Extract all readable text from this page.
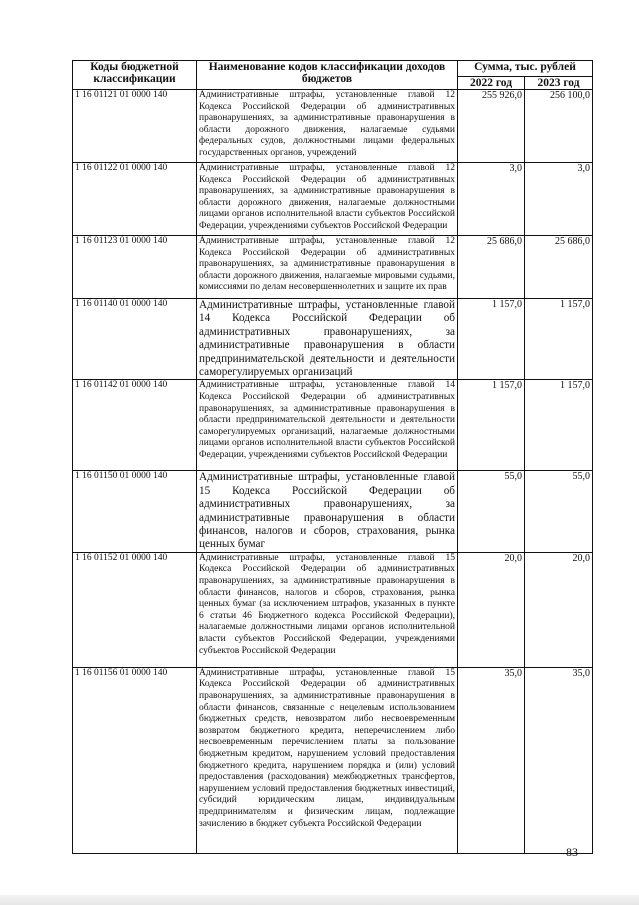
Коды бюджетной классификации	Наименование кодов классификации доходов бюджетов	Сумма, тыс. рублей	
		2022 год	2023 год
1 16 01121 01 0000 140	Административные штрафы, установленные главой 12 Кодекса Российской Федерации об административных правонарушениях, за административные правонарушения в области дорожного движения, налагаемые судьями федеральных судов, должностными лицами федеральных государственных органов, учреждений	255 926,0	256 100,0
1 16 01122 01 0000 140	Административные штрафы, установленные главой 12 Кодекса Российской Федерации об административных правонарушениях, за административные правонарушения в области дорожного движения, налагаемые должностными лицами органов исполнительной власти субъектов Российской Федерации, учреждениями субъектов Российской Федерации	3,0	3,0
1 16 01123 01 0000 140	Административные штрафы, установленные главой 12 Кодекса Российской Федерации об административных правонарушениях, за административные правонарушения в области дорожного движения, налагаемые мировыми судьями, комиссиями по делам несовершеннолетних и защите их прав	25 686,0	25 686,0
1 16 01140 01 0000 140	Административные штрафы, установленные главой 14 Кодекса Российской Федерации об административных правонарушениях, за административные правонарушения в области предпринимательской деятельности и деятельности саморегулируемых организаций	1 157,0	1 157,0
1 16 01142 01 0000 140	Административные штрафы, установленные главой 14 Кодекса Российской Федерации об административных правонарушениях, за административные правонарушения в области предпринимательской деятельности и деятельности саморегулируемых организаций, налагаемые должностными лицами органов исполнительной власти субъектов Российской Федерации, учреждениями субъектов Российской Федерации	1 157,0	1 157,0
1 16 01150 01 0000 140	Административные штрафы, установленные главой 15 Кодекса Российской Федерации об административных правонарушениях, за административные правонарушения в области финансов, налогов и сборов, страхования, рынка ценных бумаг	55,0	55,0
1 16 01152 01 0000 140	Административные штрафы, установленные главой 15 Кодекса Российской Федерации об административных правонарушениях, за административные правонарушения в области финансов, налогов и сборов, страхования, рынка ценных бумаг (за исключением штрафов, указанных в пункте 6 статьи 46 Бюджетного кодекса Российской Федерации), налагаемые должностными лицами органов исполнительной власти субъектов Российской Федерации, учреждениями субъектов Российской Федерации	20,0	20,0
1 16 01156 01 0000 140	Административные штрафы, установленные главой 15 Кодекса Российской Федерации об административных правонарушениях, за административные правонарушения в области финансов, связанные с нецелевым использованием бюджетных средств, невозвратом либо несвоевременным возвратом бюджетного кредита, неперечислением либо несвоевременным перечислением платы за пользование бюджетным кредитом, нарушением условий предоставления бюджетного кредита, нарушением порядка и (или) условий предоставления (расходования) межбюджетных трансфертов, нарушением условий предоставления бюджетных инвестиций, субсидий юридическим лицам, индивидуальным предпринимателям и физическим лицам, подлежащие зачислению в бюджет субъекта Российской Федерации	35,0	35,0
83
